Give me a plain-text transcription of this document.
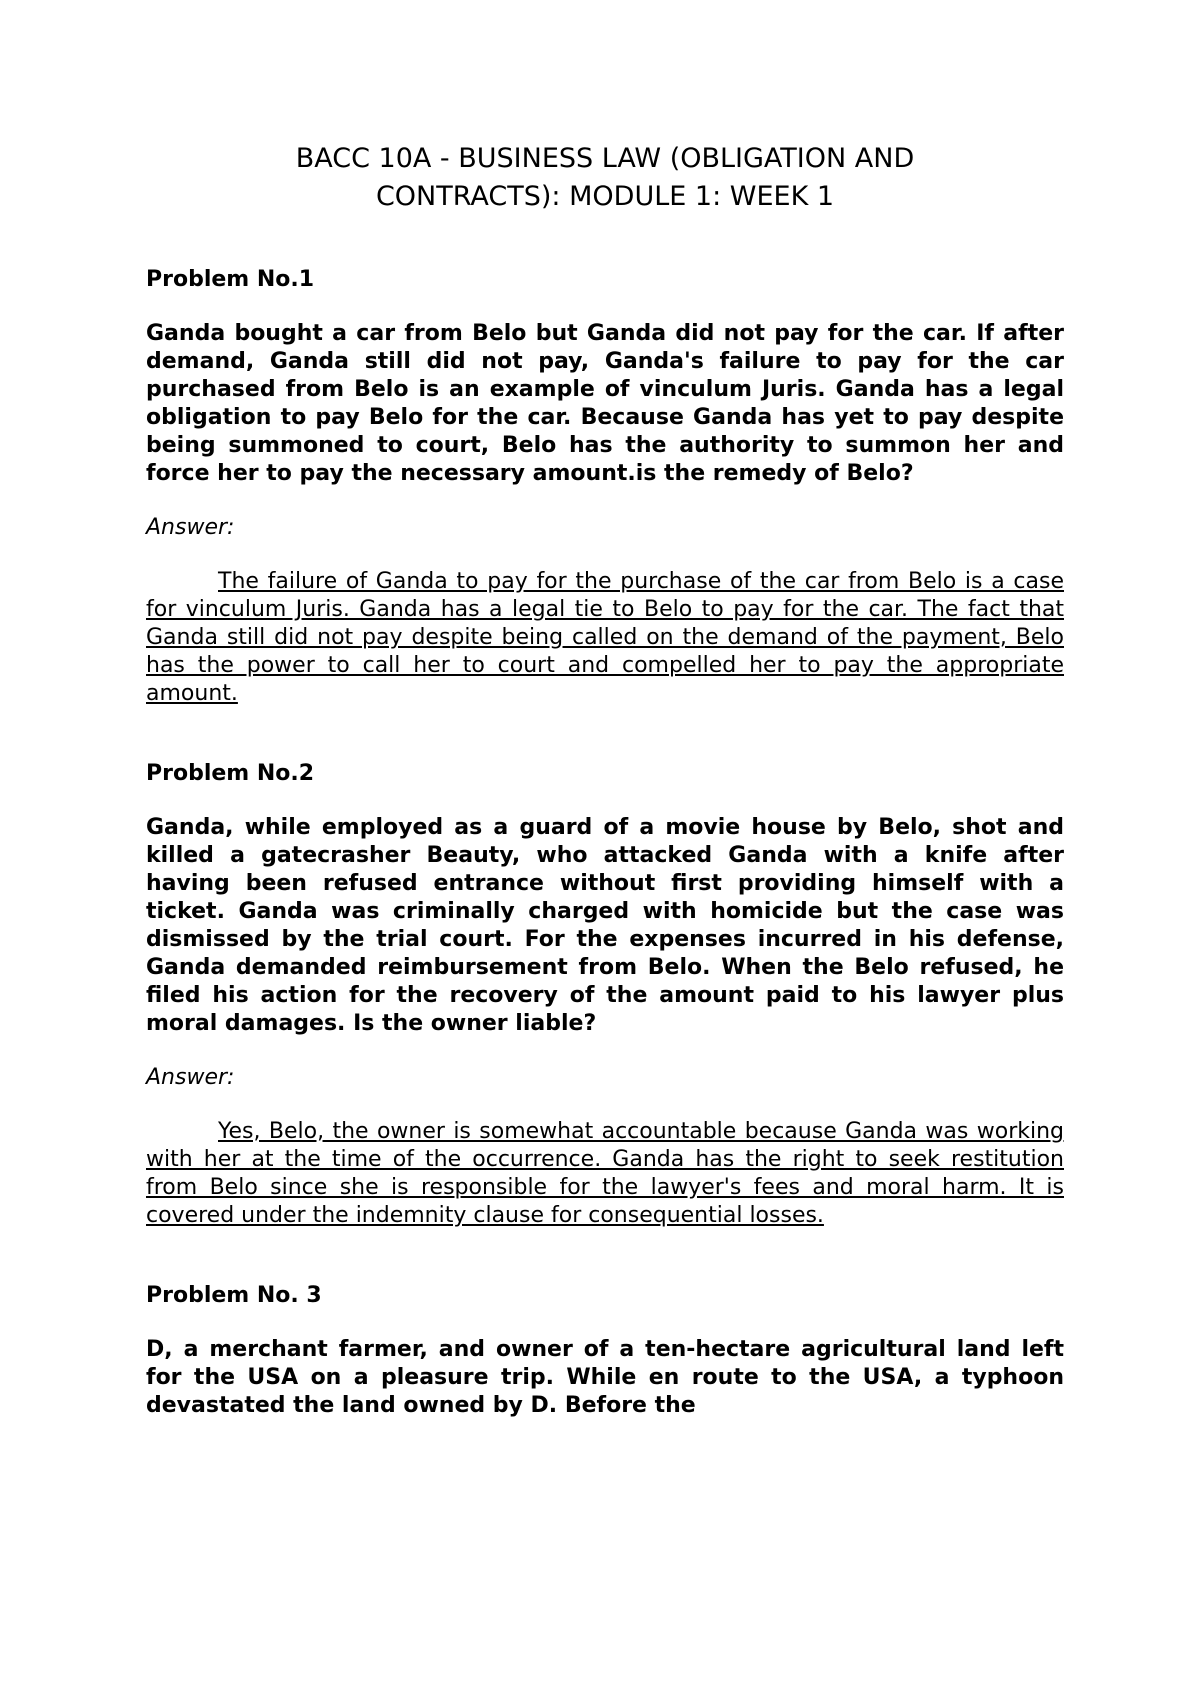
BACC 10A - BUSINESS LAW (OBLIGATION AND

CONTRACTS): MODULE 1: WEEK 1

Problem No.1

Ganda bought a car from Belo but Ganda did not pay for the car. If after demand, Ganda still did not pay, Ganda's failure to pay for the car purchased from Belo is an example of vinculum Juris. Ganda has a legal obligation to pay Belo for the car. Because Ganda has yet to pay despite being summoned to court, Belo has the authority to summon her and force her to pay the necessary amount.is the remedy of Belo?

Answer:

The failure of Ganda to pay for the purchase of the car from Belo is a case for vinculum Juris. Ganda has a legal tie to Belo to pay for the car. The fact that Ganda still did not pay despite being called on the demand of the payment, Belo has the power to call her to court and compelled her to pay the appropriate amount.

Problem No.2

Ganda, while employed as a guard of a movie house by Belo, shot and killed a gatecrasher Beauty, who attacked Ganda with a knife after having been refused entrance without first providing himself with a ticket. Ganda was criminally charged with homicide but the case was dismissed by the trial court. For the expenses incurred in his defense, Ganda demanded reimbursement from Belo. When the Belo refused, he filed his action for the recovery of the amount paid to his lawyer plus moral damages. Is the owner liable?

Answer:

Yes, Belo, the owner is somewhat accountable because Ganda was working with her at the time of the occurrence. Ganda has the right to seek restitution from Belo since she is responsible for the lawyer's fees and moral harm. It is covered under the indemnity clause for consequential losses.

Problem No. 3

D, a merchant farmer, and owner of a ten-hectare agricultural land left for the USA on a pleasure trip. While en route to the USA, a typhoon devastated the land owned by D. Before the
